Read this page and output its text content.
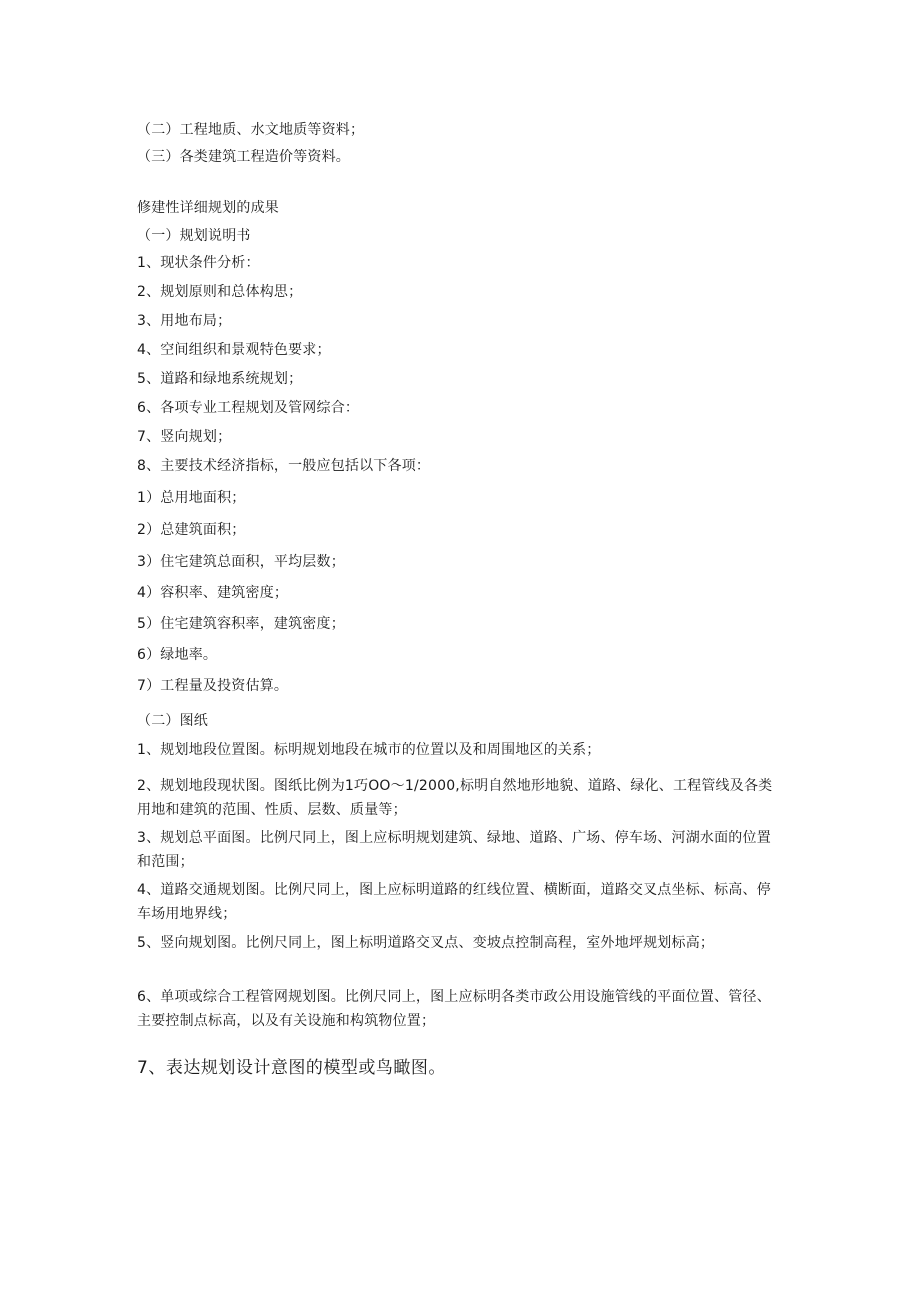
（二）工程地质、水文地质等资料；
（三）各类建筑工程造价等资料。
修建性详细规划的成果
（一）规划说明书
1、现状条件分析：
2、规划原则和总体构思；
3、用地布局；
4、空间组织和景观特色要求；
5、道路和绿地系统规划；
6、各项专业工程规划及管网综合：
7、竖向规划；
8、主要技术经济指标，一般应包括以下各项：
1）总用地面积；
2）总建筑面积；
3）住宅建筑总面积，平均层数；
4）容积率、建筑密度；
5）住宅建筑容积率，建筑密度；
6）绿地率。
7）工程量及投资估算。
（二）图纸
1、规划地段位置图。标明规划地段在城市的位置以及和周围地区的关系；
2、规划地段现状图。图纸比例为1巧OO～1/2000,标明自然地形地貌、道路、绿化、工程管线及各类用地和建筑的范围、性质、层数、质量等；
3、规划总平面图。比例尺同上，图上应标明规划建筑、绿地、道路、广场、停车场、河湖水面的位置和范围；
4、道路交通规划图。比例尺同上，图上应标明道路的红线位置、横断面，道路交叉点坐标、标高、停车场用地界线；
5、竖向规划图。比例尺同上，图上标明道路交叉点、变坡点控制高程，室外地坪规划标高；
6、单项或综合工程管网规划图。比例尺同上，图上应标明各类市政公用设施管线的平面位置、管径、主要控制点标高，以及有关设施和构筑物位置；
7、表达规划设计意图的模型或鸟瞰图。
